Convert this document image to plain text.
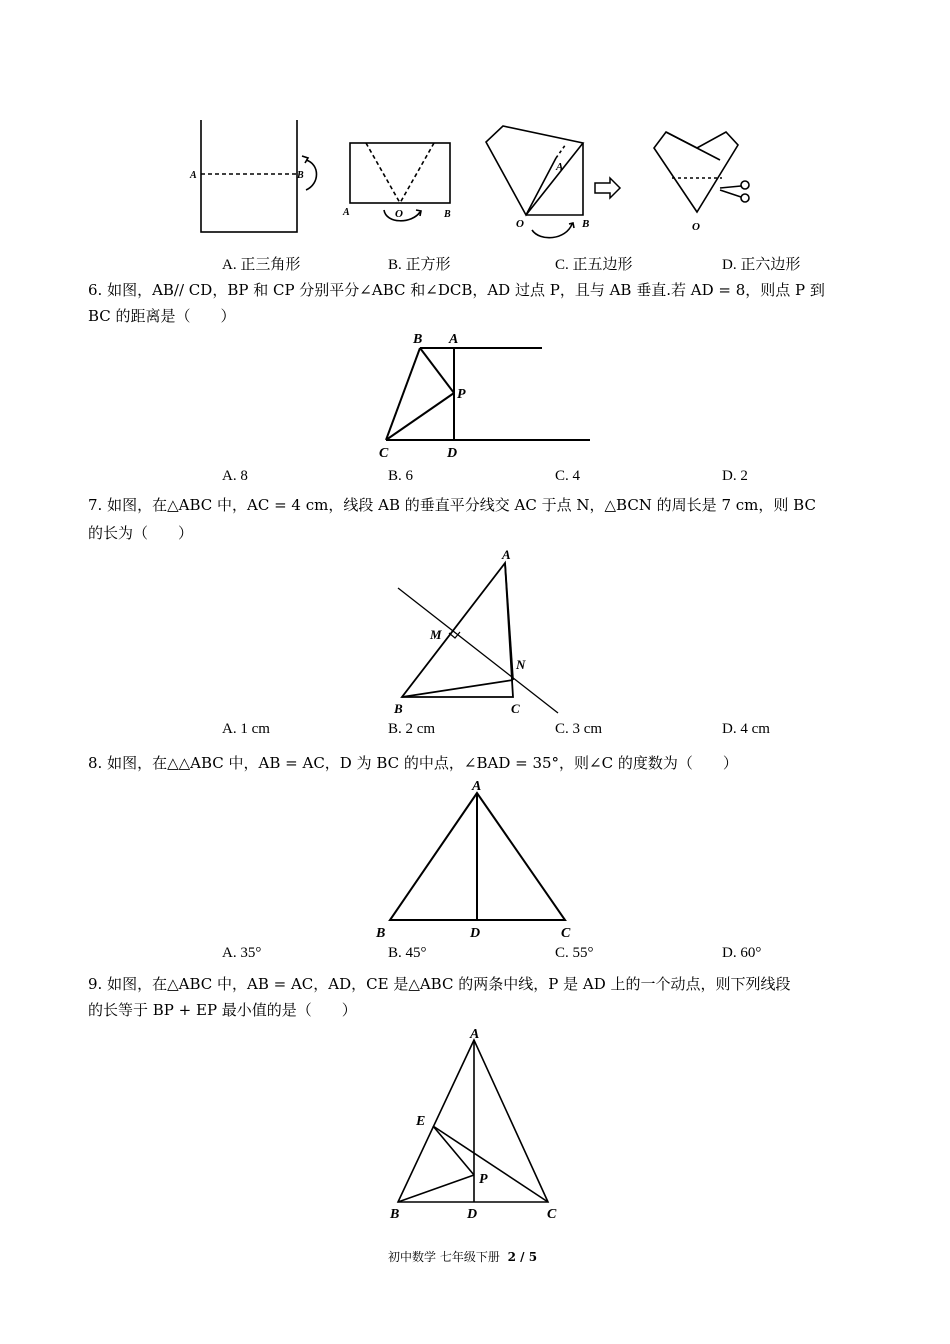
A	B
A	O	B
A
O	B	O
A. 正三角形	B. 正方形	C. 正五边形	D. 正六边形
6. 如图，AB// CD，BP 和 CP 分别平分∠ABC 和∠DCB，AD 过点 P，且与 AB 垂直.若 AD = 8，则点 P 到
BC 的距离是（　　）
B A
P
C	D
A. 8	B. 6	C. 4	D. 2
7. 如图，在△ABC 中，AC = 4 cm，线段 AB 的垂直平分线交 AC 于点 N，△BCN 的周长是 7 cm，则 BC
的长为（　　）
A
M
N
B	C
A. 1 cm	B. 2 cm	C. 3 cm	D. 4 cm
8. 如图，在△△ABC 中，AB = AC，D 为 BC 的中点，∠BAD = 35°，则∠C 的度数为（　　）
A
B	D	C
A. 35°	B. 45°	C. 55°	D. 60°
9. 如图，在△ABC 中，AB = AC，AD，CE 是△ABC 的两条中线，P 是 AD 上的一个动点，则下列线段
的长等于 BP + EP 最小值的是（　　）
A
E
P
B	D	C
初中数学 七年级下册 2 / 5
